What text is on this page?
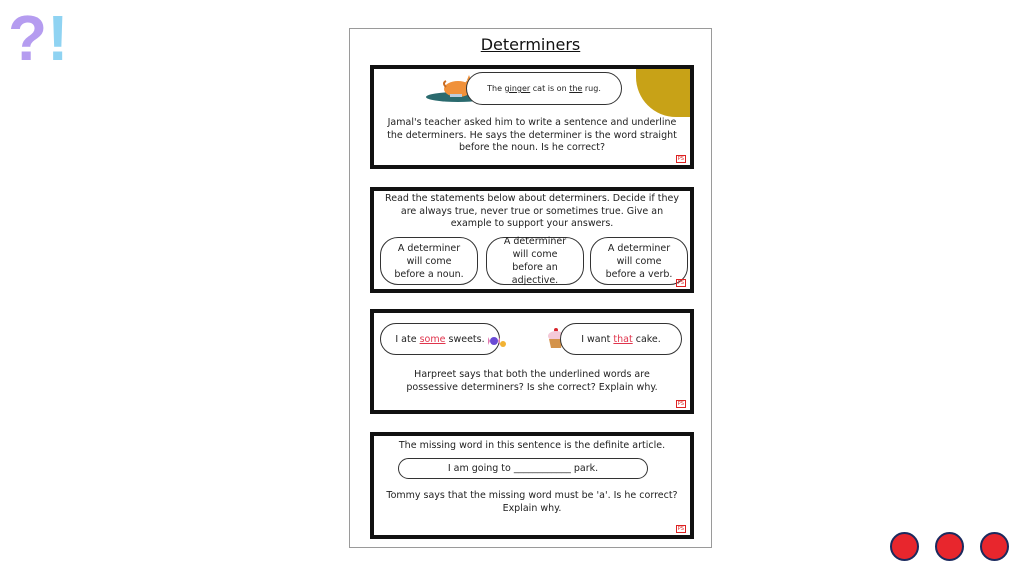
?!	Determiners
The
ginger
cat is on
the
rug.
Jamal's teacher asked him to write a sentence and underline the determiners. He says the determiner is the word straight before the noun. Is he correct?
PS
Read the statements below about determiners. Decide if they are always true, never true or sometimes true. Give an example to support your answers.
A determiner will come before a noun.
A determiner will come before an adjective.
A determiner will come before a verb.
PS
I ate
some
sweets.	I want
that
cake.
Harpreet says that both the underlined words are possessive determiners? Is she correct? Explain why.
PS
The missing word in this sentence is the definite article.
I am going to ____________ park.
Tommy says that the missing word must be 'a'. Is he correct? Explain why.
PS
